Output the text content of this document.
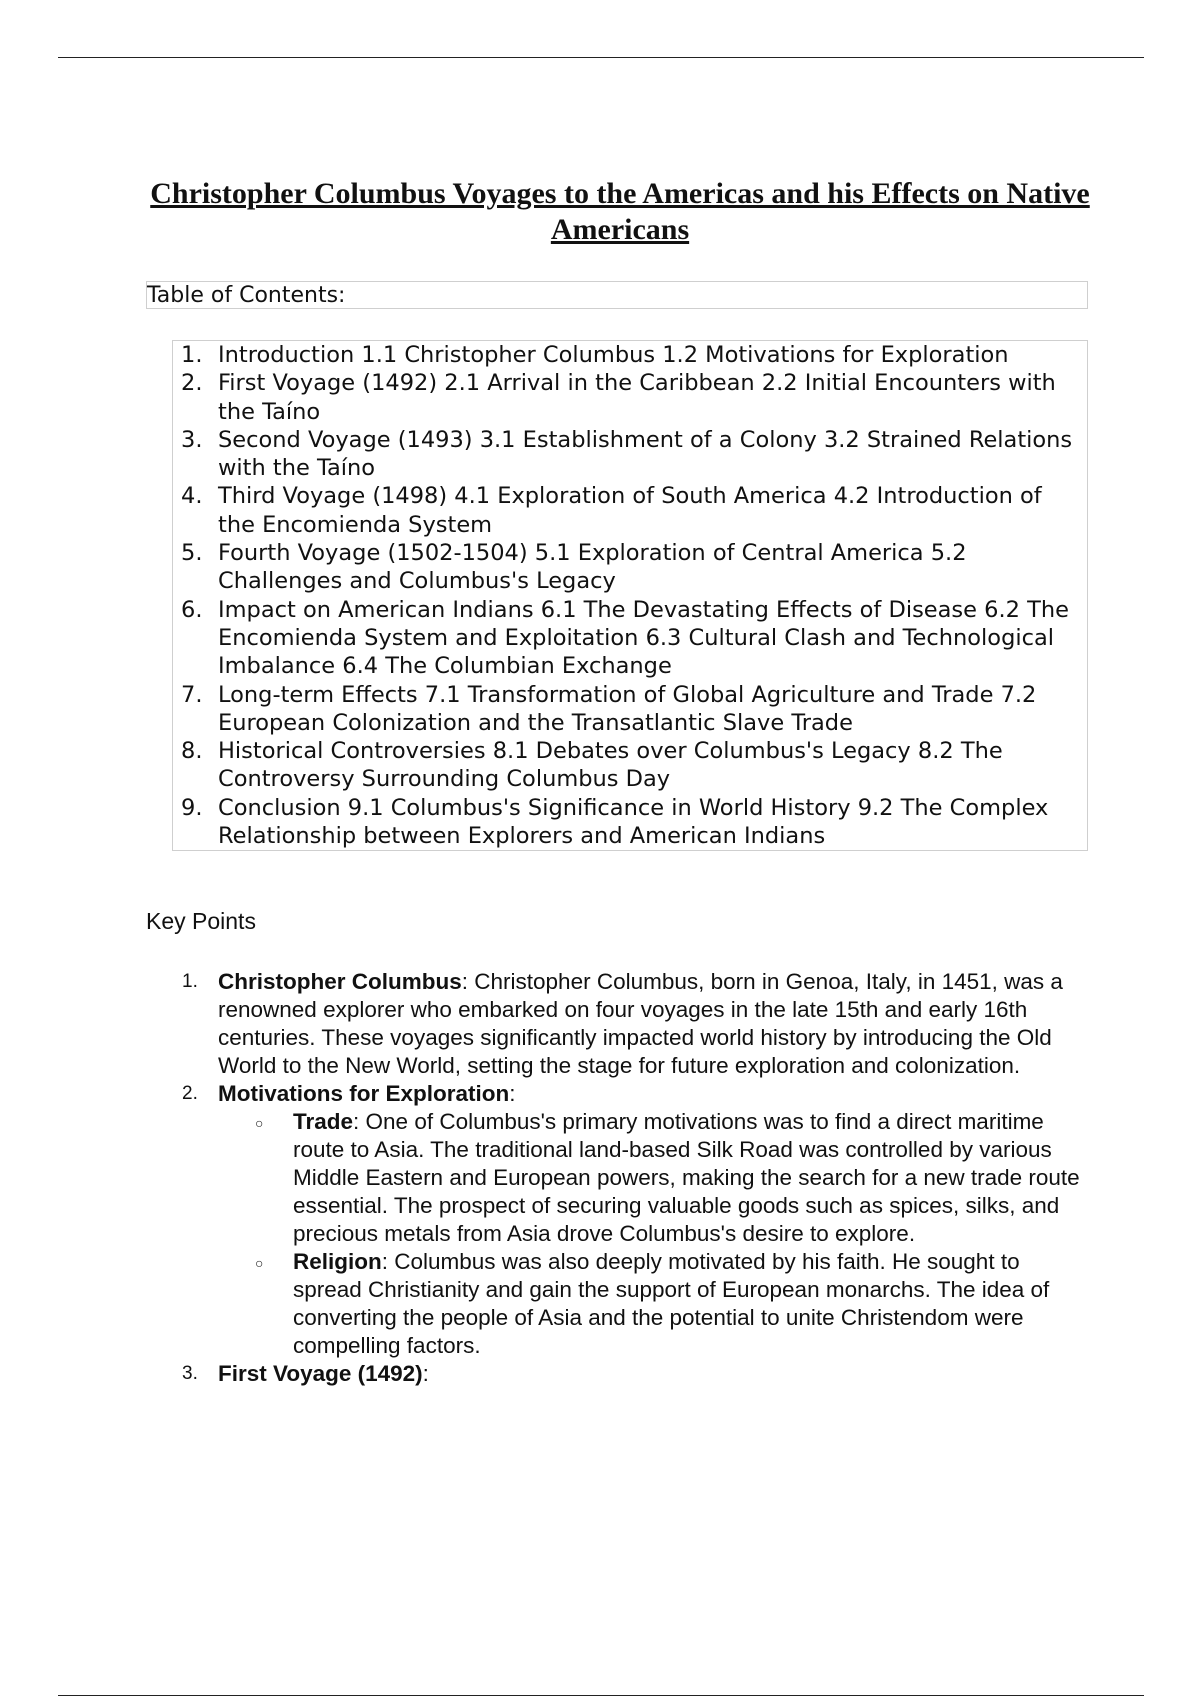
Christopher Columbus Voyages to the Americas and his Effects on Native Americans
Table of Contents:
1. Introduction 1.1 Christopher Columbus 1.2 Motivations for Exploration
2. First Voyage (1492) 2.1 Arrival in the Caribbean 2.2 Initial Encounters with the Taíno
3. Second Voyage (1493) 3.1 Establishment of a Colony 3.2 Strained Relations with the Taíno
4. Third Voyage (1498) 4.1 Exploration of South America 4.2 Introduction of the Encomienda System
5. Fourth Voyage (1502-1504) 5.1 Exploration of Central America 5.2 Challenges and Columbus's Legacy
6. Impact on American Indians 6.1 The Devastating Effects of Disease 6.2 The Encomienda System and Exploitation 6.3 Cultural Clash and Technological Imbalance 6.4 The Columbian Exchange
7. Long-term Effects 7.1 Transformation of Global Agriculture and Trade 7.2 European Colonization and the Transatlantic Slave Trade
8. Historical Controversies 8.1 Debates over Columbus's Legacy 8.2 The Controversy Surrounding Columbus Day
9. Conclusion 9.1 Columbus's Significance in World History 9.2 The Complex Relationship between Explorers and American Indians
Key Points
1. Christopher Columbus: Christopher Columbus, born in Genoa, Italy, in 1451, was a renowned explorer who embarked on four voyages in the late 15th and early 16th centuries. These voyages significantly impacted world history by introducing the Old World to the New World, setting the stage for future exploration and colonization.
2. Motivations for Exploration:
○ Trade: One of Columbus's primary motivations was to find a direct maritime route to Asia. The traditional land-based Silk Road was controlled by various Middle Eastern and European powers, making the search for a new trade route essential. The prospect of securing valuable goods such as spices, silks, and precious metals from Asia drove Columbus's desire to explore.
○ Religion: Columbus was also deeply motivated by his faith. He sought to spread Christianity and gain the support of European monarchs. The idea of converting the people of Asia and the potential to unite Christendom were compelling factors.
3. First Voyage (1492):
